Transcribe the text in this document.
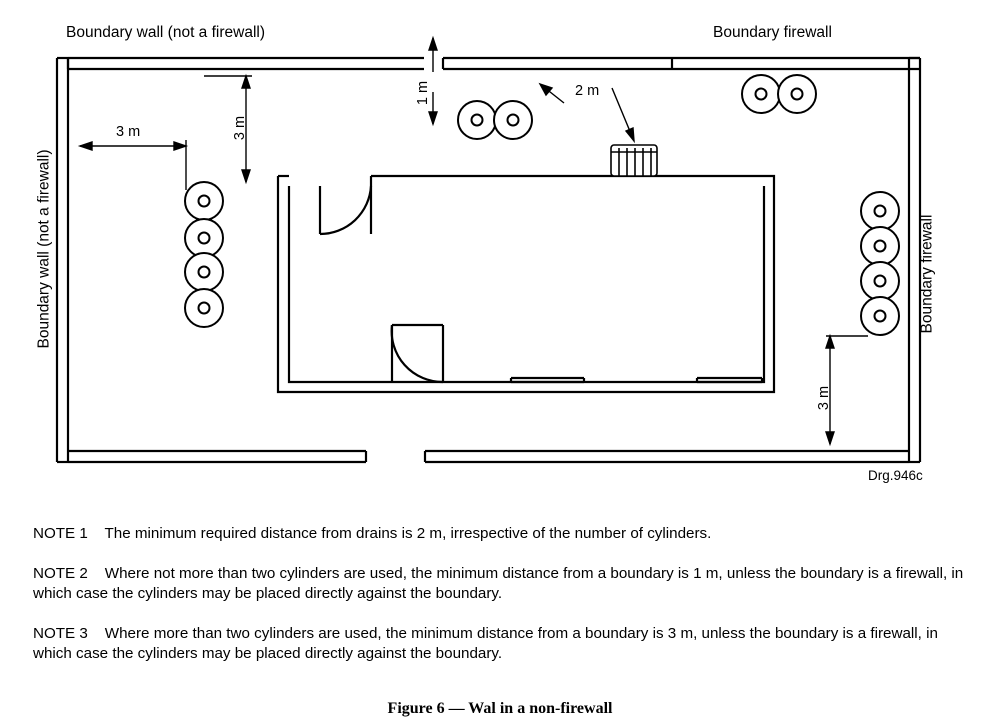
Boundary wall (not a firewall)	Boundary firewall
Boundary wall (not a firewall)	Boundary firewall
3 m	3 m
1 m	2 m
3 m
Drg.946c
NOTE 1 The minimum required distance from drains is 2 m, irrespective of the number of cylinders.
NOTE 2 Where not more than two cylinders are used, the minimum distance from a boundary is 1 m, unless the boundary is a firewall, in which case the cylinders may be placed directly against the boundary.
NOTE 3 Where more than two cylinders are used, the minimum distance from a boundary is 3 m, unless the boundary is a firewall, in which case the cylinders may be placed directly against the boundary.
Figure 6 — Wal in a non‑firewall
